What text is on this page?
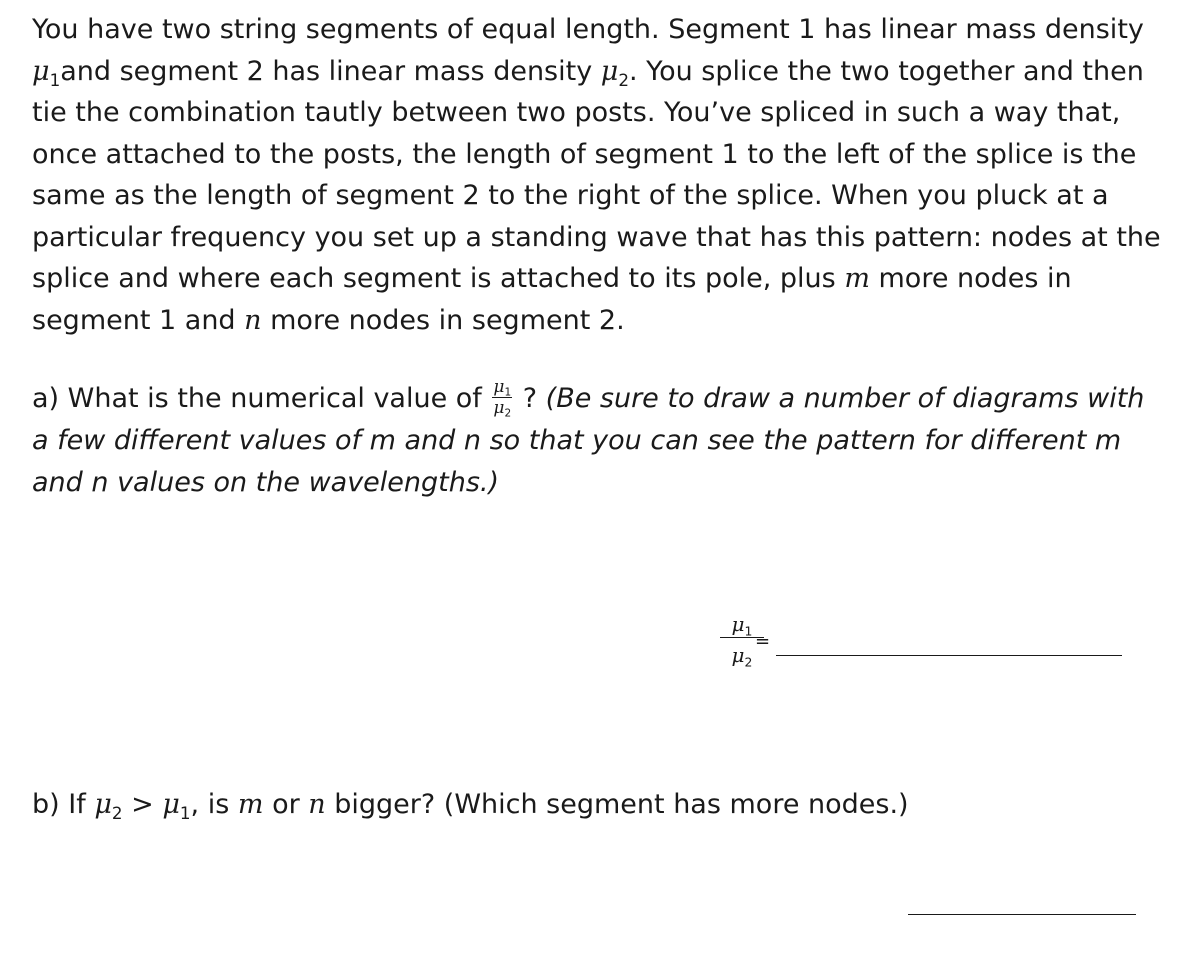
You have two string segments of equal length. Segment 1 has linear mass density
$\mu_1and$ segment 2 has linear mass density $\mu_2$. You splice the two together and then
tie the combination tautly between two posts. You’ve spliced in such a way that,
once attached to the posts, the length of segment 1 to the left of the splice is the
same as the length of segment 2 to the right of the splice. When you pluck at a
particular frequency you set up a standing wave that has this pattern: nodes at the
splice and where each segment is attached to its pole, plus m more nodes in
segment 1 and n more nodes in segment 2.
a) What is the numerical value of $\frac{\mu_1}{\mu_2}$ ? (Be sure to draw a number of diagrams with
a few different values of m and n so that you can see the pattern for different m
and n values on the wavelengths.)
$\frac{\mu_1}{\mu_2}$
=
b) If $\mu_2 > \mu_1$, is m or n bigger? (Which segment has more nodes.)
